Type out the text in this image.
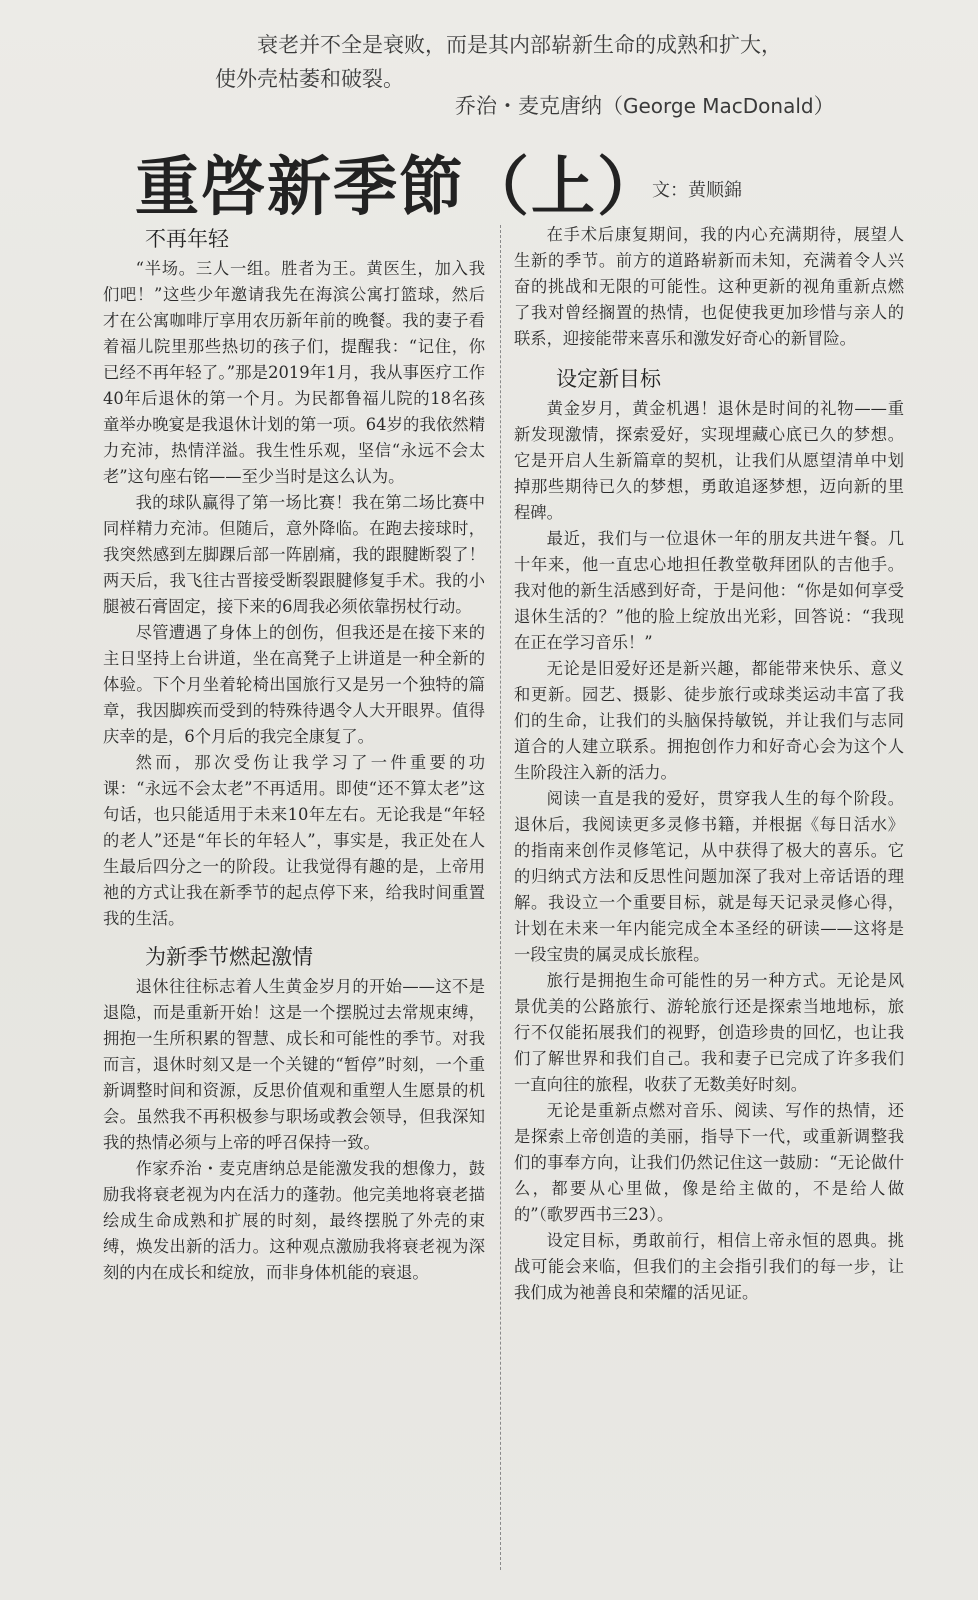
衰老并不全是衰败，而是其内部崭新生命的成熟和扩大，
使外壳枯萎和破裂。
乔治・麦克唐纳（George MacDonald）
重啓新季節（上）
文：黄顺錦
不再年轻

“半场。三人一组。胜者为王。黄医生，加入我们吧！”这些少年邀请我先在海滨公寓打篮球，然后才在公寓咖啡厅享用农历新年前的晚餐。我的妻子看着福儿院里那些热切的孩子们，提醒我：“记住，你已经不再年轻了。”那是2019年1月，我从事医疗工作40年后退休的第一个月。为民都鲁福儿院的18名孩童举办晚宴是我退休计划的第一项。64岁的我依然精力充沛，热情洋溢。我生性乐观，坚信“永远不会太老”这句座右铭——至少当时是这么认为。

我的球队赢得了第一场比赛！我在第二场比赛中同样精力充沛。但随后，意外降临。在跑去接球时，我突然感到左脚踝后部一阵剧痛，我的跟腱断裂了！两天后，我飞往古晋接受断裂跟腱修复手术。我的小腿被石膏固定，接下来的6周我必须依靠拐杖行动。

尽管遭遇了身体上的创伤，但我还是在接下来的主日坚持上台讲道，坐在高凳子上讲道是一种全新的体验。下个月坐着轮椅出国旅行又是另一个独特的篇章，我因脚疾而受到的特殊待遇令人大开眼界。值得庆幸的是，6个月后的我完全康复了。

然而，那次受伤让我学习了一件重要的功课：“永远不会太老”不再适用。即使“还不算太老”这句话，也只能适用于未来10年左右。无论我是“年轻的老人”还是“年长的年轻人”，事实是，我正处在人生最后四分之一的阶段。让我觉得有趣的是，上帝用祂的方式让我在新季节的起点停下来，给我时间重置我的生活。

为新季节燃起激情

退休往往标志着人生黄金岁月的开始——这不是退隐，而是重新开始！这是一个摆脱过去常规束缚，拥抱一生所积累的智慧、成长和可能性的季节。对我而言，退休时刻又是一个关键的“暂停”时刻，一个重新调整时间和资源，反思价值观和重塑人生愿景的机会。虽然我不再积极参与职场或教会领导，但我深知我的热情必须与上帝的呼召保持一致。

作家乔治・麦克唐纳总是能激发我的想像力，鼓励我将衰老视为内在活力的蓬勃。他完美地将衰老描绘成生命成熟和扩展的时刻，最终摆脱了外壳的束缚，焕发出新的活力。这种观点激励我将衰老视为深刻的内在成长和绽放，而非身体机能的衰退。

在手术后康复期间，我的内心充满期待，展望人生新的季节。前方的道路崭新而未知，充满着令人兴奋的挑战和无限的可能性。这种更新的视角重新点燃了我对曾经搁置的热情，也促使我更加珍惜与亲人的联系，迎接能带来喜乐和激发好奇心的新冒险。

设定新目标

黄金岁月，黄金机遇！退休是时间的礼物——重新发现激情，探索爱好，实现埋藏心底已久的梦想。它是开启人生新篇章的契机，让我们从愿望清单中划掉那些期待已久的梦想，勇敢追逐梦想，迈向新的里程碑。

最近，我们与一位退休一年的朋友共进午餐。几十年来，他一直忠心地担任教堂敬拜团队的吉他手。我对他的新生活感到好奇，于是问他：“你是如何享受退休生活的？”他的脸上绽放出光彩，回答说：“我现在正在学习音乐！”

无论是旧爱好还是新兴趣，都能带来快乐、意义和更新。园艺、摄影、徒步旅行或球类运动丰富了我们的生命，让我们的头脑保持敏锐，并让我们与志同道合的人建立联系。拥抱创作力和好奇心会为这个人生阶段注入新的活力。

阅读一直是我的爱好，贯穿我人生的每个阶段。退休后，我阅读更多灵修书籍，并根据《每日活水》的指南来创作灵修笔记，从中获得了极大的喜乐。它的归纳式方法和反思性问题加深了我对上帝话语的理解。我设立一个重要目标，就是每天记录灵修心得，计划在未来一年内能完成全本圣经的研读——这将是一段宝贵的属灵成长旅程。

旅行是拥抱生命可能性的另一种方式。无论是风景优美的公路旅行、游轮旅行还是探索当地地标，旅行不仅能拓展我们的视野，创造珍贵的回忆，也让我们了解世界和我们自己。我和妻子已完成了许多我们一直向往的旅程，收获了无数美好时刻。

无论是重新点燃对音乐、阅读、写作的热情，还是探索上帝创造的美丽，指导下一代，或重新调整我们的事奉方向，让我们仍然记住这一鼓励：“无论做什么，都要从心里做，像是给主做的，不是给人做的”（歌罗西书三23）。

设定目标，勇敢前行，相信上帝永恒的恩典。挑战可能会来临，但我们的主会指引我们的每一步，让我们成为祂善良和荣耀的活见证。
